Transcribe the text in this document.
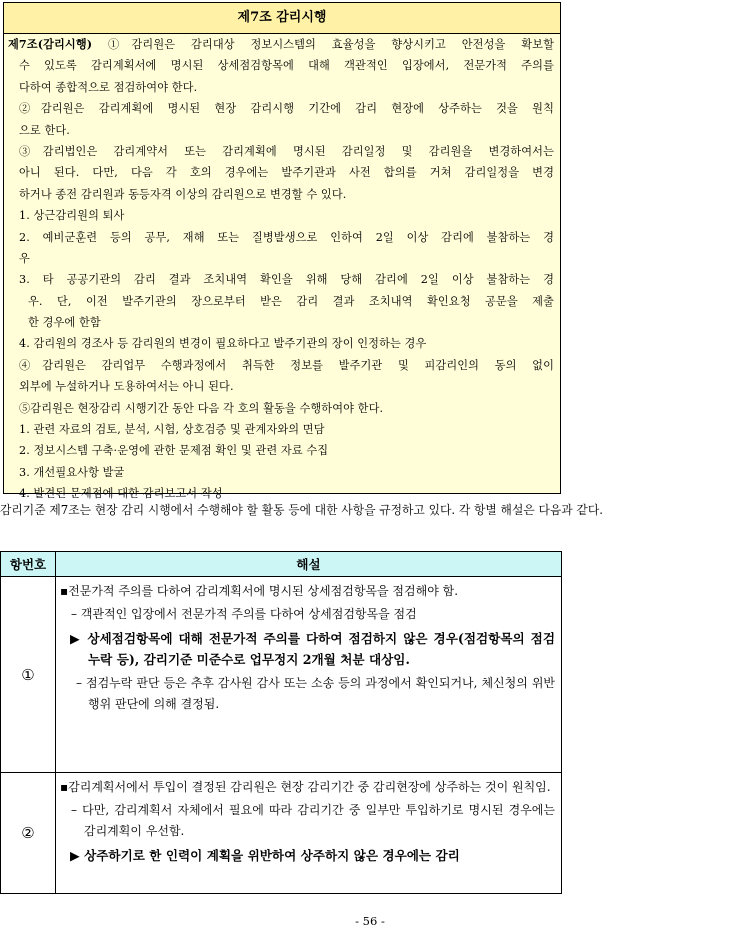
제7조 감리시행
제7조(감리시행) ①감리원은 감리대상 정보시스템의 효율성을 향상시키고 안전성을 확보할
수 있도록 감리계획서에 명시된 상세점검항목에 대해 객관적인 입장에서, 전문가적 주의를
다하여 종합적으로 점검하여야 한다.
②감리원은 감리계획에 명시된 현장 감리시행 기간에 감리 현장에 상주하는 것을 원칙
으로 한다.
③감리법인은 감리계약서 또는 감리계획에 명시된 감리일정 및 감리원을 변경하여서는
아니 된다. 다만, 다음 각 호의 경우에는 발주기관과 사전 합의를 거쳐 감리일정을 변경
하거나 종전 감리원과 동등자격 이상의 감리원으로 변경할 수 있다.
1. 상근감리원의 퇴사
2. 예비군훈련 등의 공무, 재해 또는 질병발생으로 인하여 2일 이상 감리에 불참하는 경
우
3. 타 공공기관의 감리 결과 조치내역 확인을 위해 당해 감리에 2일 이상 불참하는 경
우. 단, 이전 발주기관의 장으로부터 받은 감리 결과 조치내역 확인요청 공문을 제출
한 경우에 한함
4. 감리원의 경조사 등 감리원의 변경이 필요하다고 발주기관의 장이 인정하는 경우
④감리원은 감리업무 수행과정에서 취득한 정보를 발주기관 및 피감리인의 동의 없이
외부에 누설하거나 도용하여서는 아니 된다.
⑤감리원은 현장감리 시행기간 동안 다음 각 호의 활동을 수행하여야 한다.
1. 관련 자료의 검토, 분석, 시험, 상호검증 및 관계자와의 면담
2. 정보시스템 구축·운영에 관한 문제점 확인 및 관련 자료 수집
3. 개선필요사항 발굴
4. 발견된 문제점에 대한 감리보고서 작성
감리기준 제7조는 현장 감리 시행에서 수행해야 할 활동 등에 대한 사항을 규정하고 있다. 각 항별 해설은 다음과 같다.
항번호	해설
①	▪전문가적 주의를 다하여 감리계획서에 명시된 상세점검항목을 점검해야 함.
– 객관적인 입장에서 전문가적 주의를 다하여 상세점검항목을 점검
▶ 상세점검항목에 대해 전문가적 주의를 다하여 점검하지 않은 경우(점검항목의 점검 누락 등), 감리기준 미준수로 업무정지 2개월 처분 대상임.
– 점검누락 판단 등은 추후 감사원 감사 또는 소송 등의 과정에서 확인되거나, 체신청의 위반행위 판단에 의해 결정됨.

②	▪감리계획서에서 투입이 결정된 감리원은 현장 감리기간 중 감리현장에 상주하는 것이 원칙임.
– 다만, 감리계획서 자체에서 필요에 따라 감리기간 중 일부만 투입하기로 명시된 경우에는 감리계획이 우선함.
▶ 상주하기로 한 인력이 계획을 위반하여 상주하지 않은 경우에는 감리
- 56 -
